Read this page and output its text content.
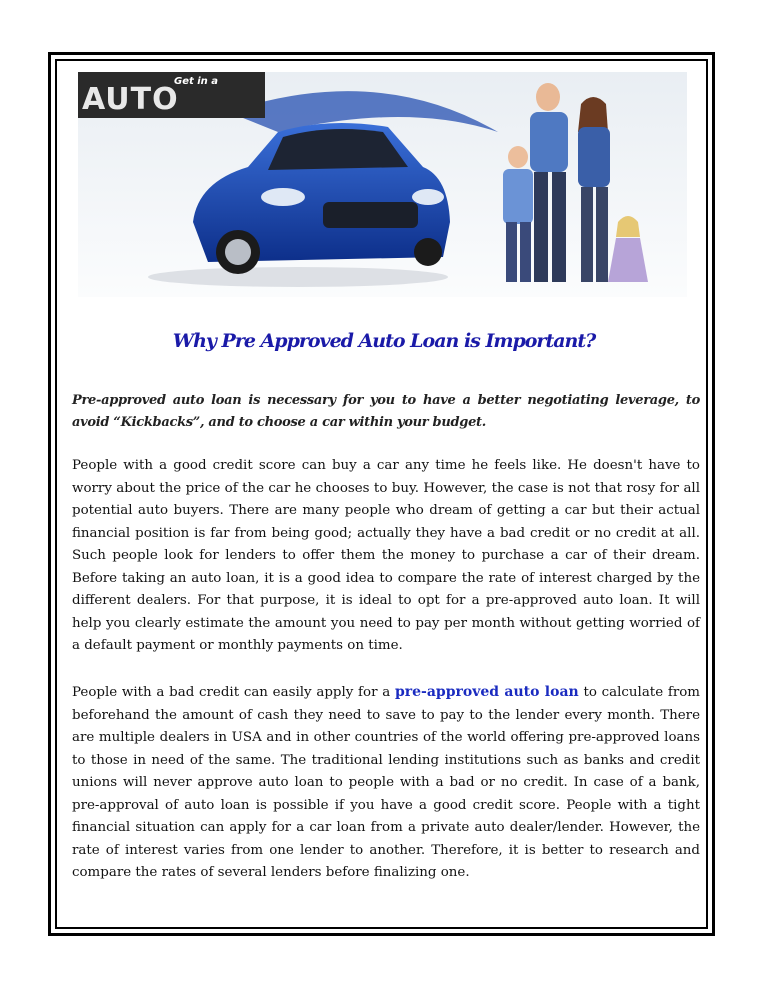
Get in a
AUTO
Why Pre Approved Auto Loan is Important?
Pre-approved auto loan is necessary for you to have a better negotiating leverage, to avoid “Kickbacks”, and to choose a car within your budget.
People with a good credit score can buy a car any time he feels like. He doesn't have to worry about the price of the car he chooses to buy. However, the case is not that rosy for all potential auto buyers. There are many people who dream of getting a car but their actual financial position is far from being good; actually they have a bad credit or no credit at all. Such people look for lenders to offer them the money to purchase a car of their dream. Before taking an auto loan, it is a good idea to compare the rate of interest charged by the different dealers. For that purpose, it is ideal to opt for a pre-approved auto loan. It will help you clearly estimate the amount you need to pay per month without getting worried of a default payment or monthly payments on time.
People with a bad credit can easily apply for a pre-approved auto loan to calculate from beforehand the amount of cash they need to save to pay to the lender every month. There are multiple dealers in USA and in other countries of the world offering pre-approved loans to those in need of the same. The traditional lending institutions such as banks and credit unions will never approve auto loan to people with a bad or no credit. In case of a bank, pre-approval of auto loan is possible if you have a good credit score. People with a tight financial situation can apply for a car loan from a private auto dealer/lender. However, the rate of interest varies from one lender to another. Therefore, it is better to research and compare the rates of several lenders before finalizing one.
